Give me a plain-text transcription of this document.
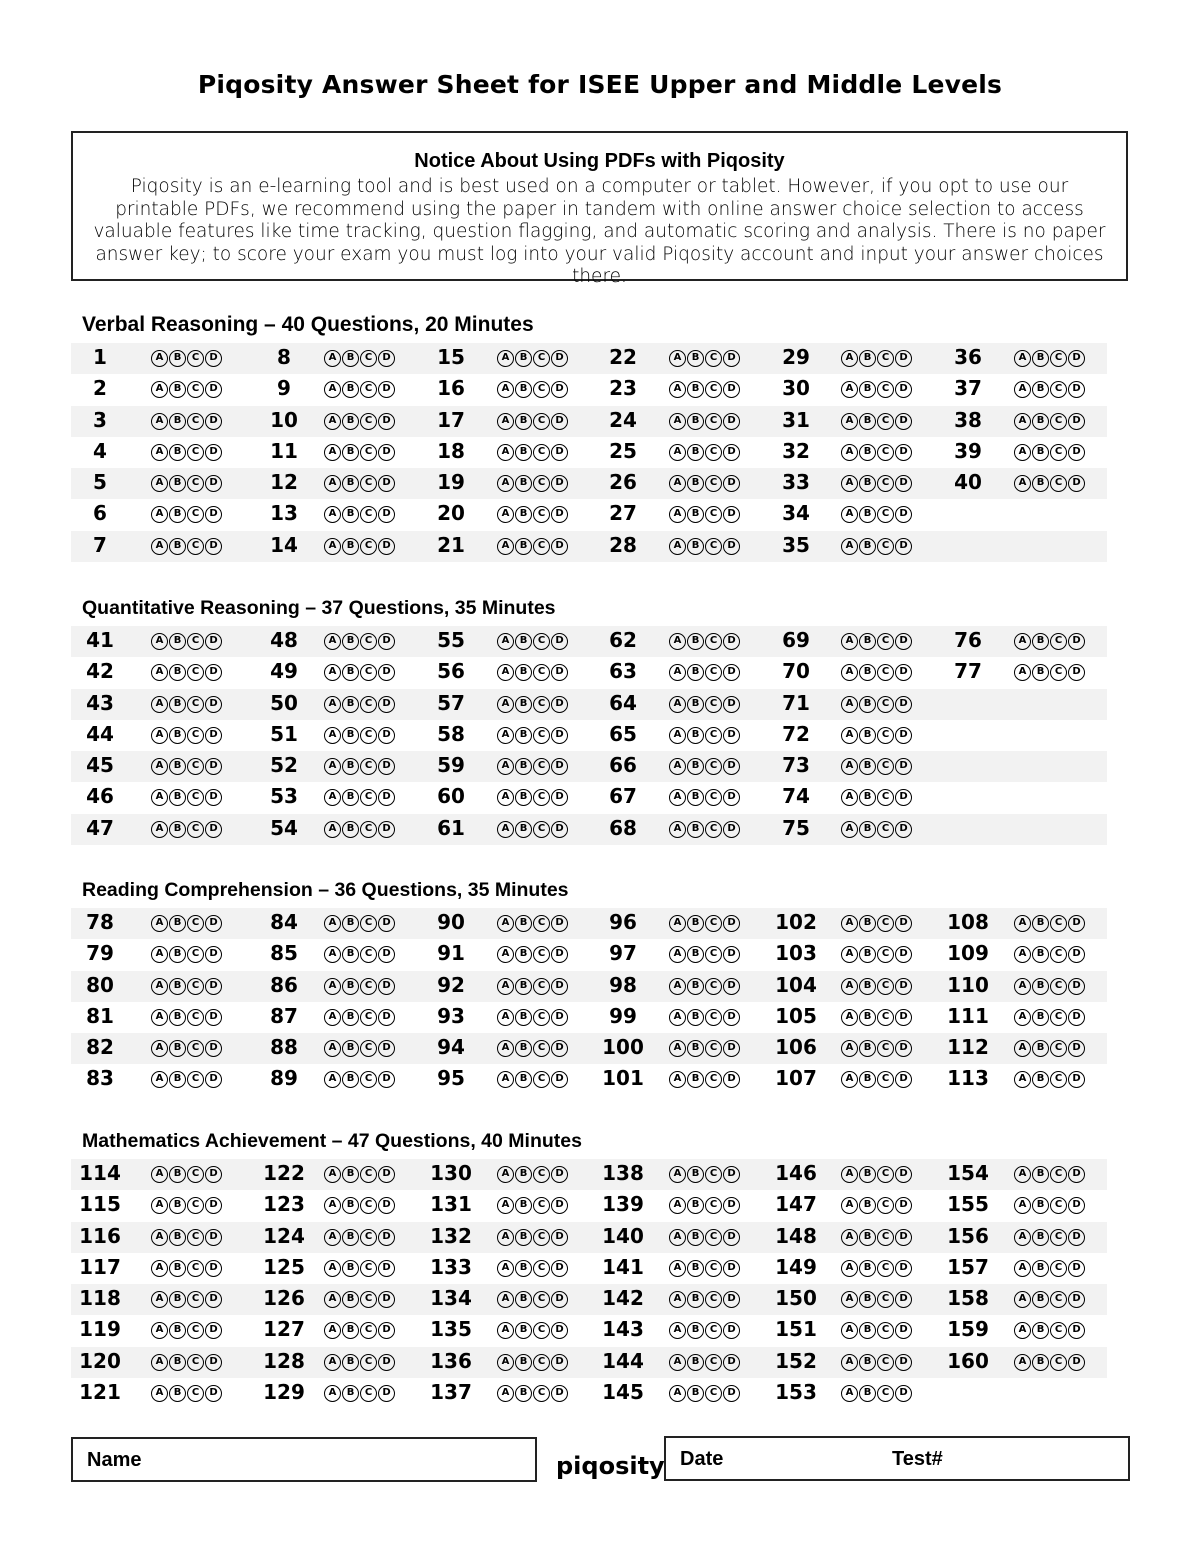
Piqosity Answer Sheet for ISEE Upper and Middle Levels
Notice About Using PDFs with Piqosity
Piqosity is an e-learning tool and is best used on a computer or tablet. However, if you opt to use our printable PDFs, we recommend using the paper in tandem with online answer choice selection to access valuable features like time tracking, question flagging, and automatic scoring and analysis. There is no paper answer key; to score your exam you must log into your valid Piqosity account and input your answer choices there.
Verbal Reasoning – 40 Questions, 20 Minutes
1	A	B	C	D	8	A	B	C	D	15	A	B	C	D	22	A	B	C	D	29	A	B	C	D	36	A	B	C	D
2	A	B	C	D	9	A	B	C	D	16	A	B	C	D	23	A	B	C	D	30	A	B	C	D	37	A	B	C	D
3	A	B	C	D	10	A	B	C	D	17	A	B	C	D	24	A	B	C	D	31	A	B	C	D	38	A	B	C	D
4	A	B	C	D	11	A	B	C	D	18	A	B	C	D	25	A	B	C	D	32	A	B	C	D	39	A	B	C	D
5	A	B	C	D	12	A	B	C	D	19	A	B	C	D	26	A	B	C	D	33	A	B	C	D	40	A	B	C	D
6	A	B	C	D	13	A	B	C	D	20	A	B	C	D	27	A	B	C	D	34	A	B	C	D
7	A	B	C	D	14	A	B	C	D	21	A	B	C	D	28	A	B	C	D	35	A	B	C	D
Quantitative Reasoning – 37 Questions, 35 Minutes
41	A	B	C	D	48	A	B	C	D	55	A	B	C	D	62	A	B	C	D	69	A	B	C	D	76	A	B	C	D
42	A	B	C	D	49	A	B	C	D	56	A	B	C	D	63	A	B	C	D	70	A	B	C	D	77	A	B	C	D
43	A	B	C	D	50	A	B	C	D	57	A	B	C	D	64	A	B	C	D	71	A	B	C	D
44	A	B	C	D	51	A	B	C	D	58	A	B	C	D	65	A	B	C	D	72	A	B	C	D
45	A	B	C	D	52	A	B	C	D	59	A	B	C	D	66	A	B	C	D	73	A	B	C	D
46	A	B	C	D	53	A	B	C	D	60	A	B	C	D	67	A	B	C	D	74	A	B	C	D
47	A	B	C	D	54	A	B	C	D	61	A	B	C	D	68	A	B	C	D	75	A	B	C	D
Reading Comprehension – 36 Questions, 35 Minutes
78	A	B	C	D	84	A	B	C	D	90	A	B	C	D	96	A	B	C	D 102	A	B	C	D 108	A	B	C	D
79	A	B	C	D	85	A	B	C	D	91	A	B	C	D	97	A	B	C	D 103	A	B	C	D 109	A	B	C	D
80	A	B	C	D	86	A	B	C	D	92	A	B	C	D	98	A	B	C	D 104	A	B	C	D 110	A	B	C	D
81	A	B	C	D	87	A	B	C	D	93	A	B	C	D	99	A	B	C	D 105	A	B	C	D 111	A	B	C	D
82	A	B	C	D	88	A	B	C	D	94	A	B	C	D 100	A	B	C	D 106	A	B	C	D 112	A	B	C	D
83	A	B	C	D	89	A	B	C	D	95	A	B	C	D 101	A	B	C	D 107	A	B	C	D 113	A	B	C	D
Mathematics Achievement – 47 Questions, 40 Minutes
114	A	B	C	D 122	A	B	C	D 130	A	B	C	D 138	A	B	C	D 146	A	B	C	D 154	A	B	C	D
115	A	B	C	D 123	A	B	C	D 131	A	B	C	D 139	A	B	C	D 147	A	B	C	D 155	A	B	C	D
116	A	B	C	D 124	A	B	C	D 132	A	B	C	D 140	A	B	C	D 148	A	B	C	D 156	A	B	C	D
117	A	B	C	D 125	A	B	C	D 133	A	B	C	D 141	A	B	C	D 149	A	B	C	D 157	A	B	C	D
118	A	B	C	D 126	A	B	C	D 134	A	B	C	D 142	A	B	C	D 150	A	B	C	D 158	A	B	C	D
119	A	B	C	D 127	A	B	C	D 135	A	B	C	D 143	A	B	C	D 151	A	B	C	D 159	A	B	C	D
120	A	B	C	D 128	A	B	C	D 136	A	B	C	D 144	A	B	C	D 152	A	B	C	D 160	A	B	C	D
121	A	B	C	D 129	A	B	C	D 137	A	B	C	D 145	A	B	C	D 153	A	B	C	D
Name	piqosity Date	Test#
